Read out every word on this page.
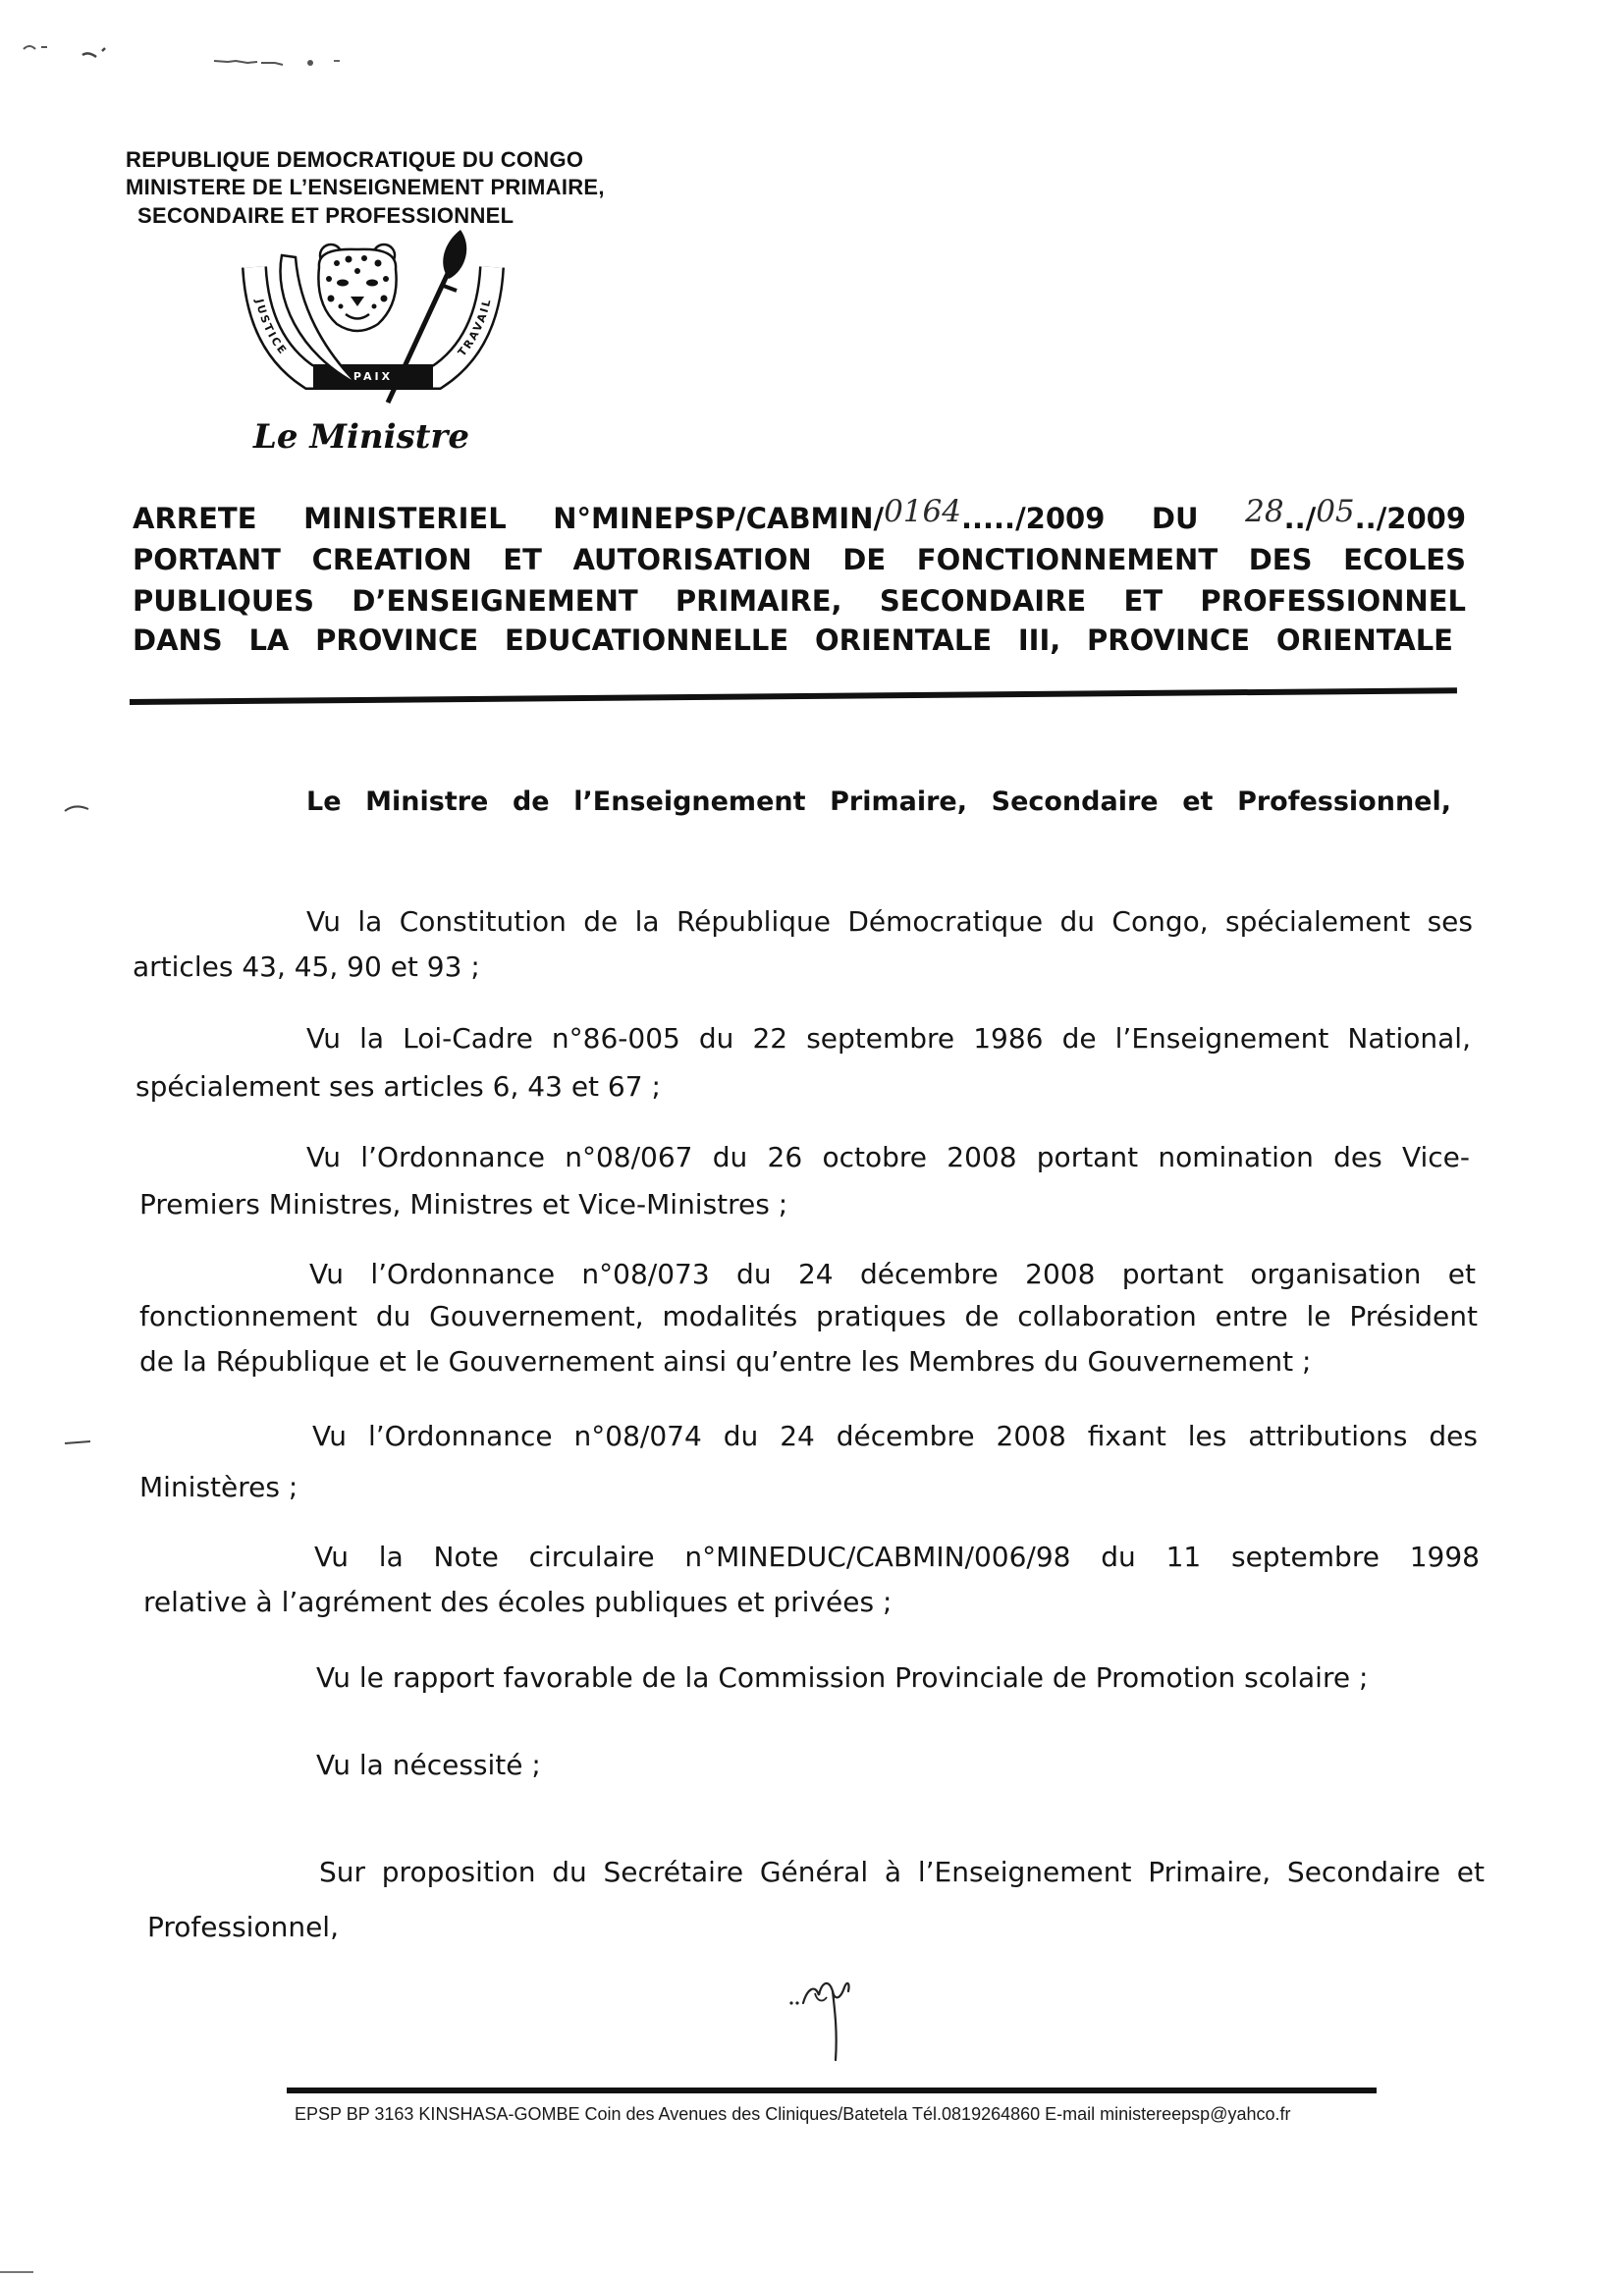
REPUBLIQUE DEMOCRATIQUE DU CONGO
MINISTERE DE L’ENSEIGNEMENT PRIMAIRE,
SECONDAIRE ET PROFESSIONNEL
JUSTICE
PAIX
TRAVAIL
Le Ministre
ARRETE MINISTERIEL N°MINEPSP/CABMIN/0164...../2009 DU 28../05../2009
PORTANT CREATION ET AUTORISATION DE FONCTIONNEMENT DES ECOLES
PUBLIQUES D’ENSEIGNEMENT PRIMAIRE, SECONDAIRE ET PROFESSIONNEL
DANS LA PROVINCE EDUCATIONNELLE ORIENTALE III, PROVINCE ORIENTALE
Le Ministre de l’Enseignement Primaire, Secondaire et Professionnel,
Vu la Constitution de la République Démocratique du Congo, spécialement ses
articles 43, 45, 90 et 93 ;
Vu la Loi-Cadre n°86-005 du 22 septembre 1986 de l’Enseignement National,
spécialement ses articles 6, 43 et 67 ;
Vu l’Ordonnance n°08/067 du 26 octobre 2008 portant nomination des Vice-
Premiers Ministres, Ministres et Vice-Ministres ;
Vu l’Ordonnance n°08/073 du 24 décembre 2008 portant organisation et
fonctionnement du Gouvernement, modalités pratiques de collaboration entre le Président
de la République et le Gouvernement ainsi qu’entre les Membres du Gouvernement ;
Vu l’Ordonnance n°08/074 du 24 décembre 2008 fixant les attributions des
Ministères ;
Vu la Note circulaire n°MINEDUC/CABMIN/006/98 du 11 septembre 1998
relative à l’agrément des écoles publiques et privées ;
Vu le rapport favorable de la Commission Provinciale de Promotion scolaire ;
Vu la nécessité ;
Sur proposition du Secrétaire Général à l’Enseignement Primaire, Secondaire et
Professionnel,
EPSP BP 3163 KINSHASA-GOMBE Coin des Avenues des Cliniques/Batetela Tél.0819264860 E-mail ministereepsp@yahco.fr
